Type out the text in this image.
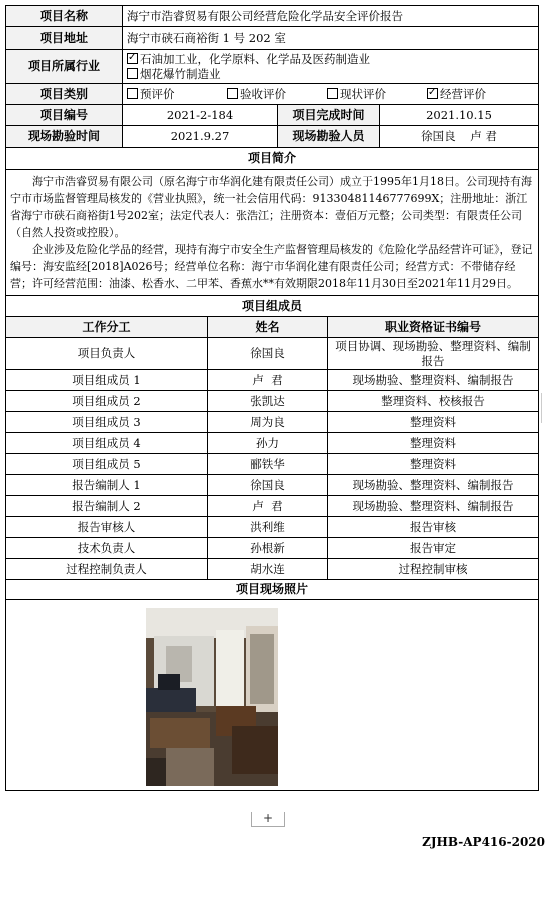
项目名称	海宁市浩睿贸易有限公司经营危险化学品安全评价报告		
项目地址	海宁市硖石商裕街 1 号 202 室		
项目所属行业	
✓石油加工业，化学原料、化学品及医药制造业
烟花爆竹制造业

项目类别	预评价 验收评价 现状评价 ✓ 经营评价
项目编号	2021-2-184	项目完成时间	2021.10.15
现场勘验时间	2021.9.27	现场勘验人员	徐国良    卢 君
项目简介			

海宁市浩睿贸易有限公司（原名海宁市华润化建有限责任公司）成立于1995年1月18日。公司现持有海宁市市场监督管理局核发的《营业执照》，统一社会信用代码：91330481146777699X；注册地址：浙江省海宁市硖石商裕街1号202室；法定代表人：张浩江；注册资本：壹佰万元整；公司类型：有限责任公司（自然人投资或控股）。

企业涉及危险化学品的经营，现持有海宁市安全生产监督管理局核发的《危险化学品经营许可证》，登记编号：海安监经[2018]A026号；经营单位名称：海宁市华润化建有限责任公司；经营方式：不带储存经营；许可经营范围：油漆、松香水、二甲苯、香蕉水**有效期限2018年11月30日至2021年11月29日。			

项目组成员		
工作分工	姓名	职业资格证书编号
项目负责人	徐国良	项目协调、现场勘验、整理资料、编制报告
项目组成员 1	卢  君	现场勘验、整理资料、编制报告
项目组成员 2	张凯达	整理资料、校核报告
项目组成员 3	周为良	整理资料
项目组成员 4	孙力	整理资料
项目组成员 5	郦铁华	整理资料
报告编制人 1	徐国良	现场勘验、整理资料、编制报告
报告编制人 2	卢  君	现场勘验、整理资料、编制报告
报告审核人	洪利维	报告审核
技术负责人	孙根新	报告审定
过程控制负责人	胡水连	过程控制审核
项目现场照片		

+
ZJHB-AP416-2020
